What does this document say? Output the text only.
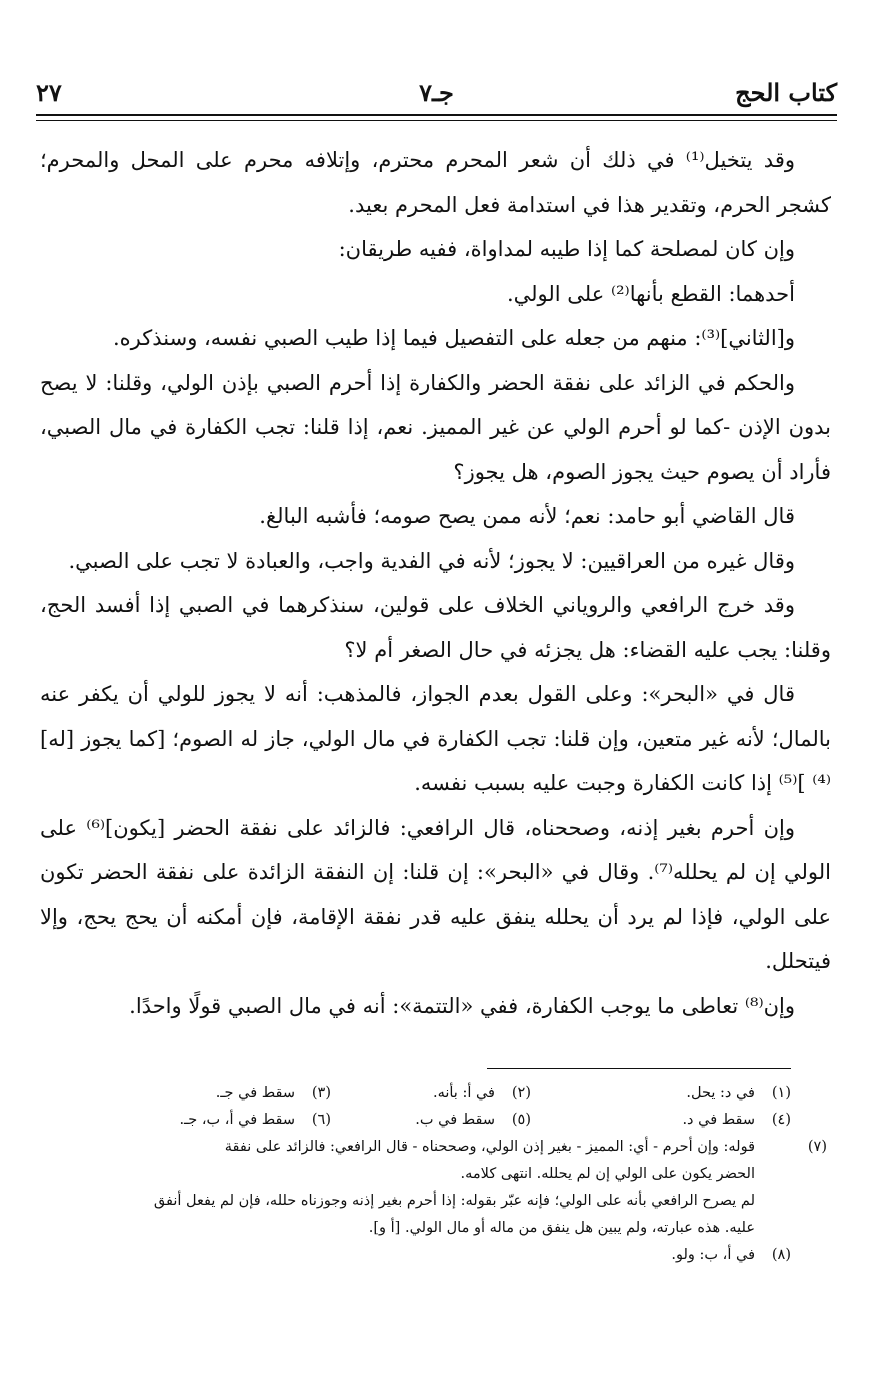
كتاب الحج
جـ٧
٢٧

وقد يتخيل⁽¹⁾ في ذلك أن شعر المحرم محترم، وإتلافه محرم على المحل والمحرم؛ كشجر الحرم، وتقدير هذا في استدامة فعل المحرم بعيد.

وإن كان لمصلحة كما إذا طيبه لمداواة، ففيه طريقان:

أحدهما: القطع بأنها⁽²⁾ على الولي.

و[الثاني]⁽³⁾: منهم من جعله على التفصيل فيما إذا طيب الصبي نفسه، وسنذكره.

والحكم في الزائد على نفقة الحضر والكفارة إذا أحرم الصبي بإذن الولي، وقلنا: لا يصح بدون الإذن -كما لو أحرم الولي عن غير المميز. نعم، إذا قلنا: تجب الكفارة في مال الصبي، فأراد أن يصوم حيث يجوز الصوم، هل يجوز؟

قال القاضي أبو حامد: نعم؛ لأنه ممن يصح صومه؛ فأشبه البالغ.

وقال غيره من العراقيين: لا يجوز؛ لأنه في الفدية واجب، والعبادة لا تجب على الصبي.

وقد خرج الرافعي والروياني الخلاف على قولين، سنذكرهما في الصبي إذا أفسد الحج، وقلنا: يجب عليه القضاء: هل يجزئه في حال الصغر أم لا؟

قال في «البحر»: وعلى القول بعدم الجواز، فالمذهب: أنه لا يجوز للولي أن يكفر عنه بالمال؛ لأنه غير متعين، وإن قلنا: تجب الكفارة في مال الولي، جاز له الصوم؛ [كما يجوز [له]⁽⁴⁾ ]⁽⁵⁾ إذا كانت الكفارة وجبت عليه بسبب نفسه.

وإن أحرم بغير إذنه، وصححناه، قال الرافعي: فالزائد على نفقة الحضر [يكون]⁽⁶⁾ على الولي إن لم يحلله⁽⁷⁾. وقال في «البحر»: إن قلنا: إن النفقة الزائدة على نفقة الحضر تكون على الولي، فإذا لم يرد أن يحلله ينفق عليه قدر نفقة الإقامة، فإن أمكنه أن يحج يحج، وإلا فيتحلل.

وإن⁽⁸⁾ تعاطى ما يوجب الكفارة، ففي «التتمة»: أنه في مال الصبي قولًا واحدًا.

(١)
في د: يحل.
(٢)
في أ: بأنه.
(٣)
سقط في جـ.
(٤)
سقط في د.
(٥)
سقط في ب.
(٦)
سقط في أ، ب، جـ.
(٧)

قوله: وإن أحرم - أي: المميز - بغير إذن الولي، وصححناه - قال الرافعي: فالزائد على نفقة

الحضر يكون على الولي إن لم يحلله. انتهى كلامه.

لم يصرح الرافعي بأنه على الولي؛ فإنه عبّر بقوله: إذا أحرم بغير إذنه وجوزناه حلله، فإن لم يفعل أنفق

عليه. هذه عبارته، ولم يبين هل ينفق من ماله أو مال الولي. [أ و].

(٨)
في أ، ب: ولو.
